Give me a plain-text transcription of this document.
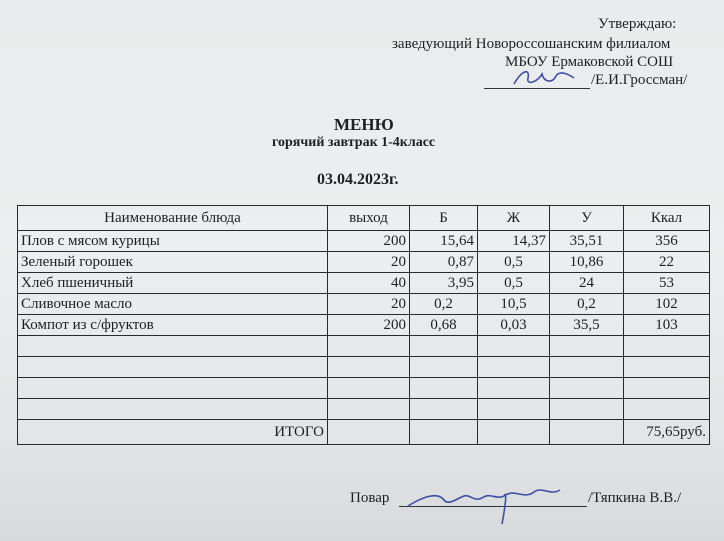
Утверждаю:
заведующий Новороссошанским филиалом
МБОУ Ермаковской СОШ
/Е.И.Гроссман/
МЕНЮ
горячий завтрак 1-4класс
03.04.2023г.
Наименование блюда	выход	Б	Ж	У	Ккал
Плов с мясом курицы	200	15,64	14,37	35,51	356
Зеленый горошек	20	0,87	0,5	10,86	22
Хлеб пшеничный	40	3,95	0,5	24	53
Сливочное масло	20	0,2	10,5	0,2	102
Компот из с/фруктов	200	0,68	0,03	35,5	103

ИТОГО					75,65руб.
Повар	/Тяпкина В.В./
